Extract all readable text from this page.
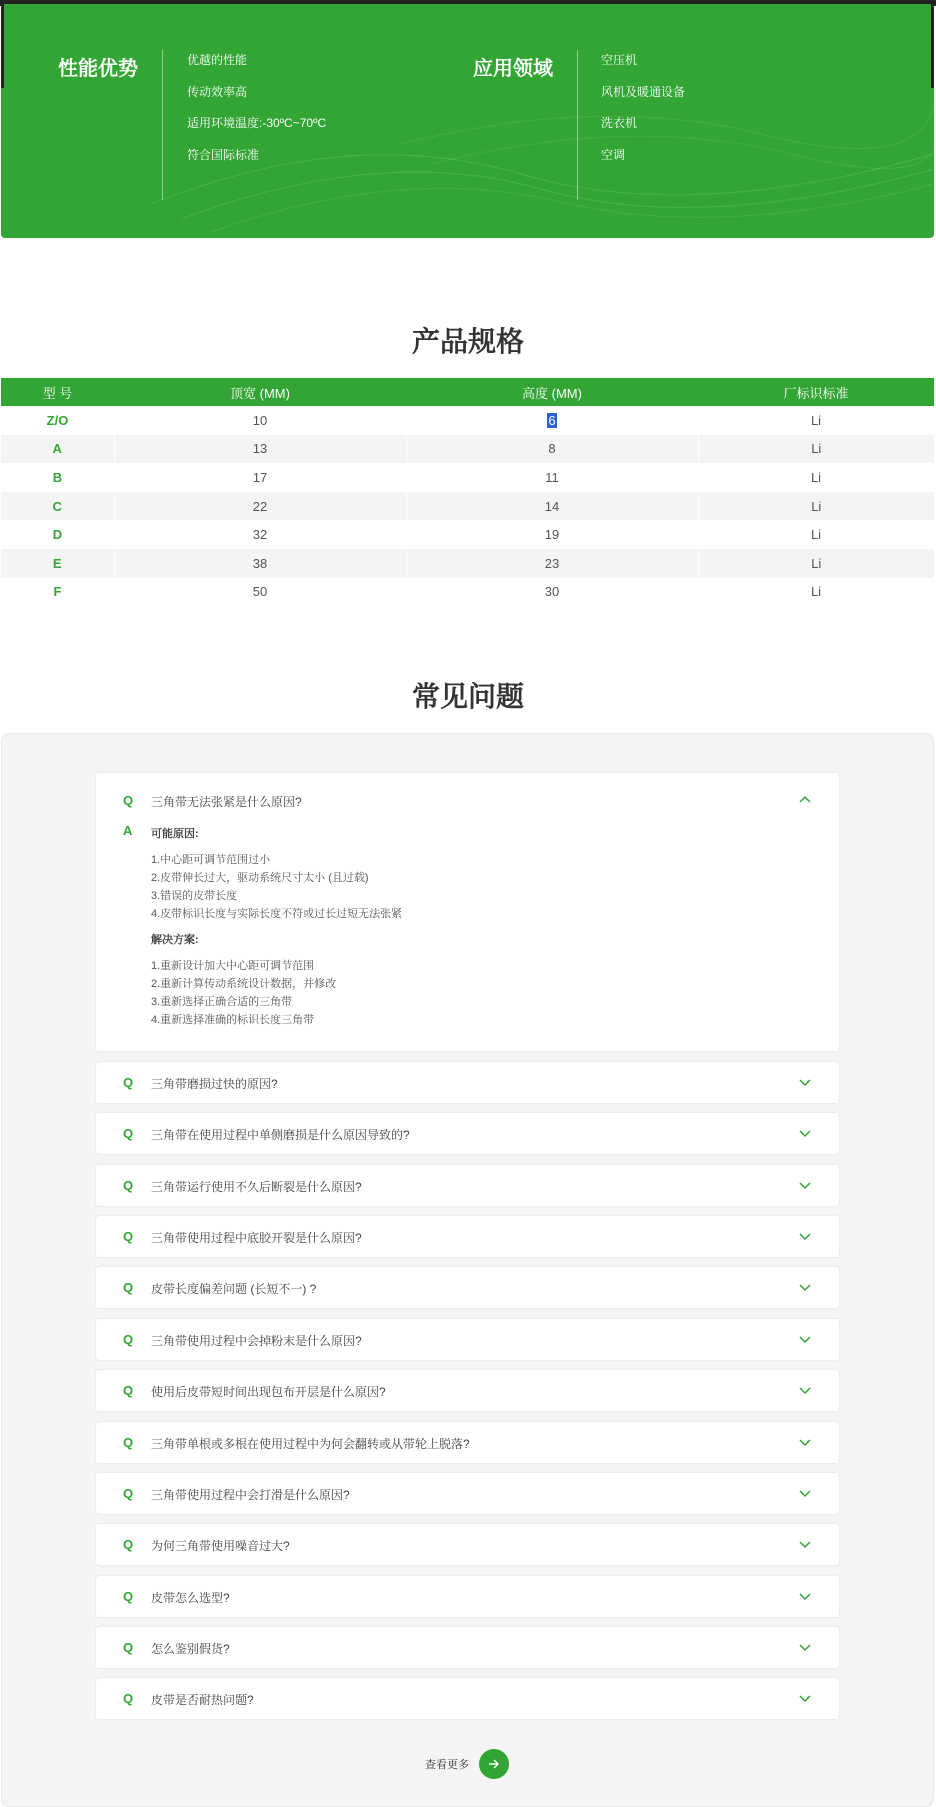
性能优势	优越的性能
传动效率高
适用环境温度:-30ºC~70ºC
符合国际标准
应用领域	空压机
风机及暖通设备
洗衣机
空调
产品规格
型 号	顶宽 (MM)	高度 (MM)	厂标识标准
Z/O	10	6	Li
A	13	8	Li
B	17	11	Li
C	22	14	Li
D	32	19	Li
E	38	23	Li
F	50	30	Li
常见问题
Q 三角带无法张紧是什么原因?
A 可能原因:
1.中心距可调节范围过小
2.皮带伸长过大，驱动系统尺寸太小 (且过载)
3.错误的皮带长度
4.皮带标识长度与实际长度不符或过长过短无法张紧
解决方案:
1.重新设计加大中心距可调节范围
2.重新计算传动系统设计数据，并修改
3.重新选择正确合适的三角带
4.重新选择准确的标识长度三角带
Q 三角带磨损过快的原因?
Q 三角带在使用过程中单侧磨损是什么原因导致的?
Q 三角带运行使用不久后断裂是什么原因?
Q 三角带使用过程中底胶开裂是什么原因?
Q 皮带长度偏差问题 (长短不一) ?
Q 三角带使用过程中会掉粉末是什么原因?
Q 使用后皮带短时间出现包布开层是什么原因?
Q 三角带单根或多根在使用过程中为何会翻转或从带轮上脱落?
Q 三角带使用过程中会打滑是什么原因?
Q 为何三角带使用噪音过大?
Q 皮带怎么选型?
Q 怎么鉴别假货?
Q 皮带是否耐热问题?
查看更多
